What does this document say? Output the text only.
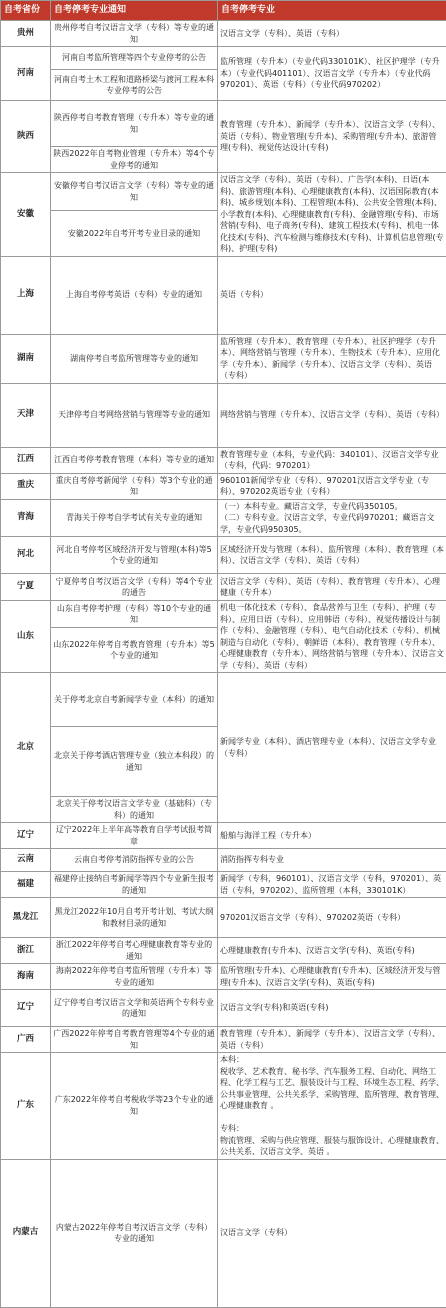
自考省份	自考停考专业通知	自考停考专业
贵州	贵州停考自考汉语言文学（专科）等专业的通知	汉语言文学（专科）、英语（专科）
河南	河南自考监所管理等四个专业停考的公告	监所管理（专升本）（专业代码330101K）、社区护理学（专升本）（专业代码401101）、汉语言文学（专升本）（专业代码970201）、英语（专科）（专业代码970202）
	河南自考土木工程和道路桥梁与渡河工程本科专业停考的公告	
陕西	陕西停考自考教育管理（专升本）等专业的通知	教育管理（专升本）、新闻学（专升本）、汉语言文学（专科）、英语（专科）、物业管理(专升本)、采购管理(专升本)、旅游管理(专科)、视觉传达设计(专科)
	陕西2022年自考物业管理（专升本）等4个专业停考的通知	
安徽	安徽停考自考汉语言文学（专科）等专业的通知	汉语言文学（专科）、英语（专科）、广告学(本科)、日语(本科)、旅游管理(本科)、心理健康教育(本科)、汉语国际教育(本科)、城乡规划(本科)、工程管理(本科)、公共安全管理(本科)、小学教育(本科)、心理健康教育(专科)、金融管理(专科)、市场营销(专科)、电子商务(专科)、建筑工程技术(专科)、机电一体化技术(专科)、汽车检测与维修技术(专科)、计算机信息管理(专科)、护理(专科)
	安徽2022年自考开考专业目录的通知	
上海	上海自考停考英语（专科）专业的通知	英语（专科）
湖南	湖南停考自考监所管理等专业的通知	监所管理（专升本）、教育管理（专升本）、社区护理学（专升本）、网络营销与管理（专升本）、生物技术（专升本）、应用化学（专升本）、新闻学（专升本）、汉语言文学（专科）、英语（专科）
天津	天津停考自考网络营销与管理等专业的通知	网络营销与管理（专升本）、汉语言文学（专科）、英语（专科）
江西	江西自考停考教育管理（本科）等专业的通知	教育管理专业（本科，专业代码：340101）、汉语言文学专业（专科，代码：970201）
重庆	重庆自考停考新闻学（专科）等3个专业的通知	960101新闻学专业（专科）、970201汉语言文学专业（专科）、970202英语专业（专科）
青海	青海关于停考自学考试有关专业的通知	（一）本科专业。藏语言文学，专业代码350105。
（二）专科专业。汉语言文学，专业代码970201；藏语言文学，专业代码950305。
河北	河北自考停考区域经济开发与管理(本科)等5个专业的通知	区域经济开发与管理（本科）、监所管理（本科）、教育管理（本科）、汉语言文学（专科）、英语（专科）
宁夏	宁夏停考自考汉语言文学（专科）等4个专业的通告	汉语言文学（专科）、英语（专科）、教育管理（专升本）、心理健康（专升本）
山东	山东自考停考护理（专科）等10个专业的通知	机电一体化技术（专科）、食品营养与卫生（专科）、护理（专科）、应用日语（专科）、应用韩语（专科）、视觉传播设计与制作（专科）、金融管理（专科）、电气自动化技术（专科）、机械制造与自动化（专科）、朝鲜语（本科）、教育管理（专升本）、心理健康教育（专升本）、网络营销与管理（专升本）、汉语言文学（专科）、英语（专科）
	山东2022年停考自考教育管理（专升本）等5个专业的通知	
北京	关于停考北京自考新闻学专业（本科）的通知	新闻学专业（本科）、酒店管理专业（本科）、汉语言文学专业（专科）
	北京关于停考酒店管理专业（独立本科段）的通知	
	北京关于停考汉语言文学专业（基础科）（专科）的通知	
辽宁	辽宁2022年上半年高等教育自学考试报考简章	船舶与海洋工程（专升本）
云南	云南自考停考消防指挥专业的公告	消防指挥专科专业
福建	福建停止接纳自考新闻学等四个专业新生报考的通知	新闻学（专科，960101）、汉语言文学（专科，970201）、英语（专科，970202）、监所管理（本科，330101K）
黑龙江	黑龙江2022年10月自考开考计划、考试大纲和教材目录的通知	970201汉语言文学（专科）、970202英语（专科）
浙江	浙江2022年停考自考心理健康教育等专业的通知	心理健康教育(专升本)、汉语言文学(专科)、英语(专科)
海南	海南2022年停考自考监所管理（专升本）等专业的通知	监所管理(专升本)、心理健康教育(专升本)、区域经济开发与管理(专升本)、汉语言文学(专科)、英语(专科)
辽宁	辽宁停考自考汉语言文学和英语两个专科专业的通知	汉语言文学(专科)和英语(专科)
广西	广西2022年停考自考教育管理等4个专业的通知	教育管理（专升本）、新闻学（专升本）、汉语言文学（专科）、英语（专科）
广东	广东2022年停考自考税收学等23个专业的通知	本科：
税收学、艺术教育、秘书学、汽车服务工程、自动化、网络工程、化学工程与工艺、服装设计与工程、环境生态工程、药学、公共事业管理、公共关系学、采购管理、监所管理、教育管理、心理健康教育 。

专科：
物流管理、采购与供应管理、服装与服饰设计、心理健康教育、公共关系、汉语言文学、英语 。
内蒙古	内蒙古2022年停考自考汉语言文学（专科）专业的通知	汉语言文学（专科）
